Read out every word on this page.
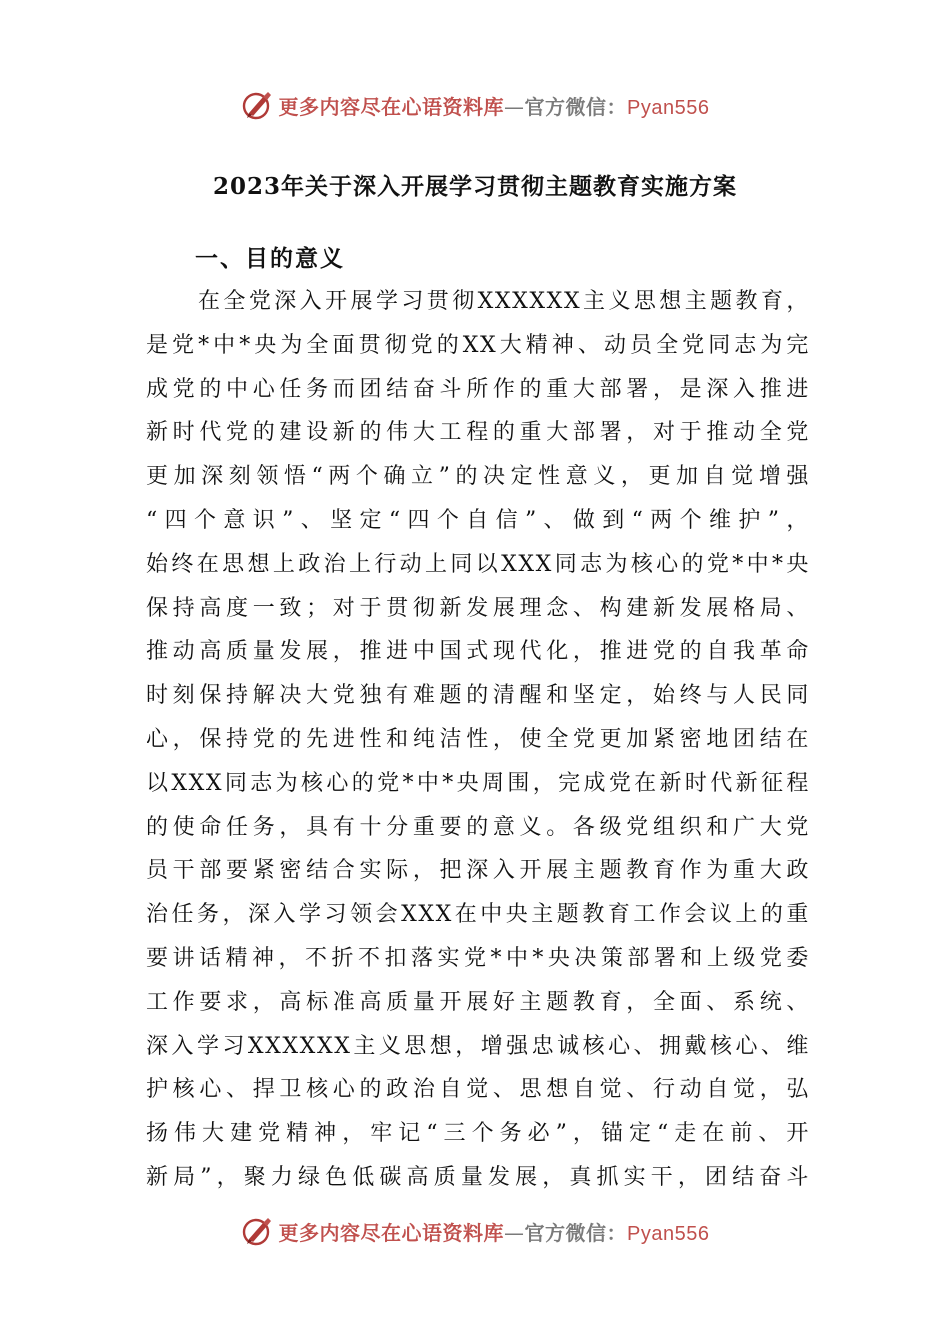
更多内容尽在心语资料库—官方微信：Pyan556
2023年关于深入开展学习贯彻主题教育实施方案
一、目的意义
在全党深入开展学习贯彻XXXXXX主义思想主题教育，
是党*中*央为全面贯彻党的XX大精神、动员全党同志为完
成党的中心任务而团结奋斗所作的重大部署，是深入推进
新时代党的建设新的伟大工程的重大部署，对于推动全党
更加深刻领悟“两个确立”的决定性意义，更加自觉增强
“四个意识”、坚定“四个自信”、做到“两个维护”，
始终在思想上政治上行动上同以XXX同志为核心的党*中*央
保持高度一致；对于贯彻新发展理念、构建新发展格局、
推动高质量发展，推进中国式现代化，推进党的自我革命
时刻保持解决大党独有难题的清醒和坚定，始终与人民同
心，保持党的先进性和纯洁性，使全党更加紧密地团结在
以XXX同志为核心的党*中*央周围，完成党在新时代新征程
的使命任务，具有十分重要的意义。各级党组织和广大党
员干部要紧密结合实际，把深入开展主题教育作为重大政
治任务，深入学习领会XXX在中央主题教育工作会议上的重
要讲话精神，不折不扣落实党*中*央决策部署和上级党委
工作要求，高标准高质量开展好主题教育，全面、系统、
深入学习XXXXXX主义思想，增强忠诚核心、拥戴核心、维
护核心、捍卫核心的政治自觉、思想自觉、行动自觉，弘
扬伟大建党精神，牢记“三个务必”，锚定“走在前、开
新局”，聚力绿色低碳高质量发展，真抓实干，团结奋斗
更多内容尽在心语资料库—官方微信：Pyan556
